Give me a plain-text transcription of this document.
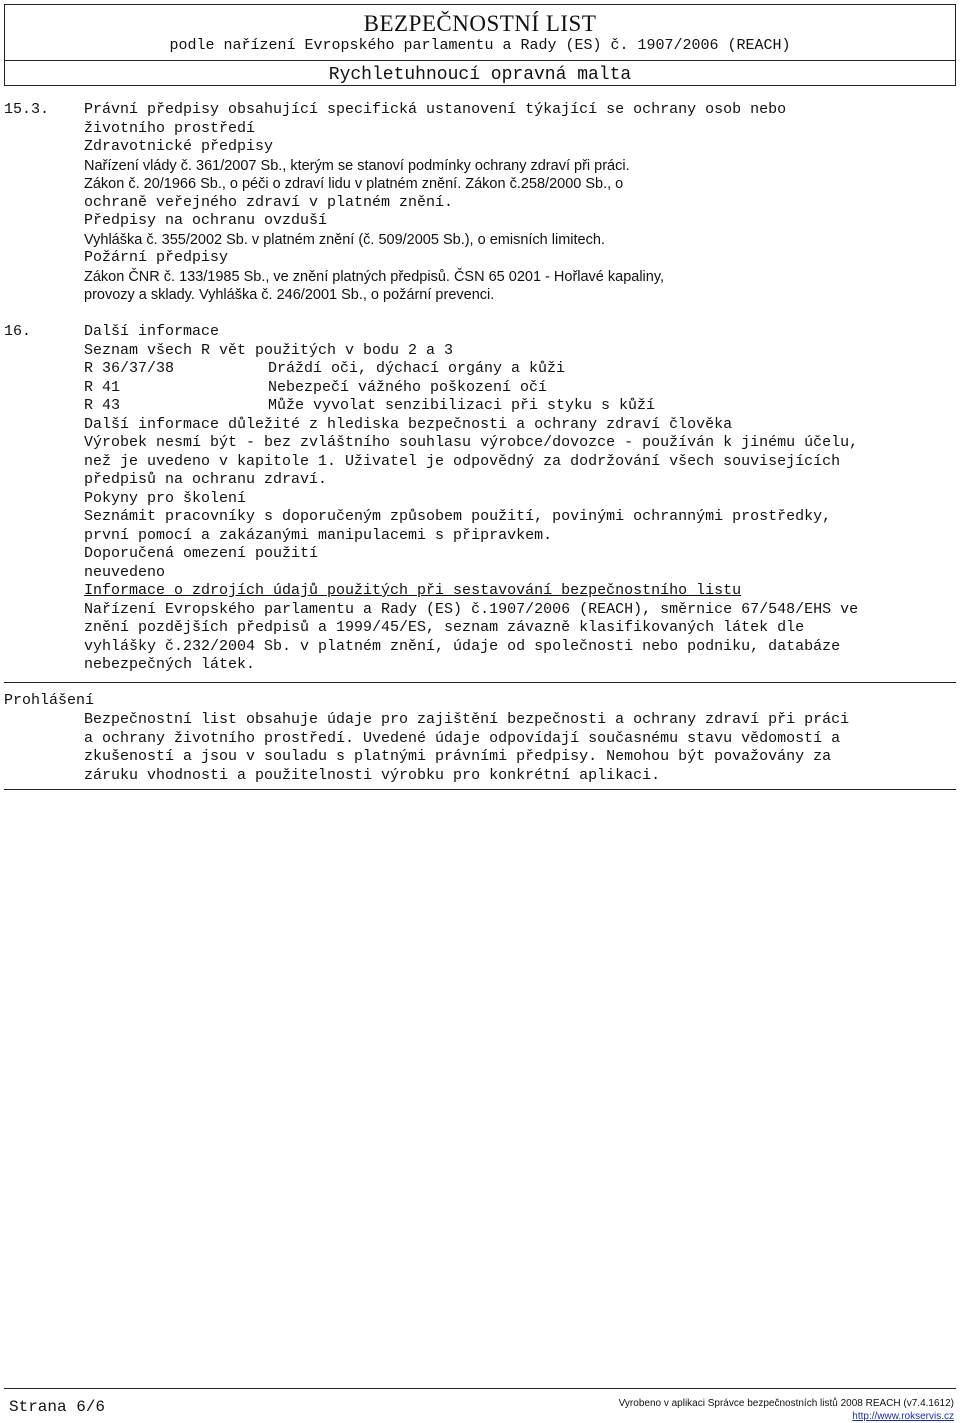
BEZPEČNOSTNÍ LIST
podle nařízení Evropského parlamentu a Rady (ES) č. 1907/2006 (REACH)
Rychletuhnoucí opravná malta
15.3. Právní předpisy obsahující specifická ustanovení týkající se ochrany osob nebo
životního prostředí
Zdravotnické předpisy
Nařízení vlády č. 361/2007 Sb., kterým se stanoví podmínky ochrany zdraví při práci.
Zákon č. 20/1966 Sb., o péči o zdraví lidu v platném znění. Zákon č.258/2000 Sb., o
ochraně veřejného zdraví v platném znění.
Předpisy na ochranu ovzduší
Vyhláška č. 355/2002 Sb. v platném znění (č. 509/2005 Sb.), o emisních limitech.
Požární předpisy
Zákon ČNR č. 133/1985 Sb., ve znění platných předpisů. ČSN 65 0201 - Hořlavé kapaliny,
provozy a sklady. Vyhláška č. 246/2001 Sb., o požární prevenci.
16.	Další informace
Seznam všech R vět použitých v bodu 2 a 3
R 36/37/38	Dráždí oči, dýchací orgány a kůži
R 41	Nebezpečí vážného poškození očí
R 43	Může vyvolat senzibilizaci při styku s kůží
Další informace důležité z hlediska bezpečnosti a ochrany zdraví člověka
Výrobek nesmí být - bez zvláštního souhlasu výrobce/dovozce - používán k jinému účelu,
než je uvedeno v kapitole 1. Uživatel je odpovědný za dodržování všech souvisejících
předpisů na ochranu zdraví.
Pokyny pro školení
Seznámit pracovníky s doporučeným způsobem použití, povinými ochrannými prostředky,
první pomocí a zakázanými manipulacemi s připravkem.
Doporučená omezení použití
neuvedeno
Informace o zdrojích údajů použitých při sestavování bezpečnostního listu
Nařízení Evropského parlamentu a Rady (ES) č.1907/2006 (REACH), směrnice 67/548/EHS ve
znění pozdějších předpisů a 1999/45/ES, seznam závazně klasifikovaných látek dle
vyhlášky č.232/2004 Sb. v platném znění, údaje od společnosti nebo podniku, databáze
nebezpečných látek.
Prohlášení
Bezpečnostní list obsahuje údaje pro zajištění bezpečnosti a ochrany zdraví při práci
a ochrany životního prostředí. Uvedené údaje odpovídají současnému stavu vědomostí a
zkušeností a jsou v souladu s platnými právními předpisy. Nemohou být považovány za
záruku vhodnosti a použitelnosti výrobku pro konkrétní aplikaci.
Strana 6/6	Vyrobeno v aplikaci Správce bezpečnostních listů 2008 REACH (v7.4.1612)
http://www.rokservis.cz
